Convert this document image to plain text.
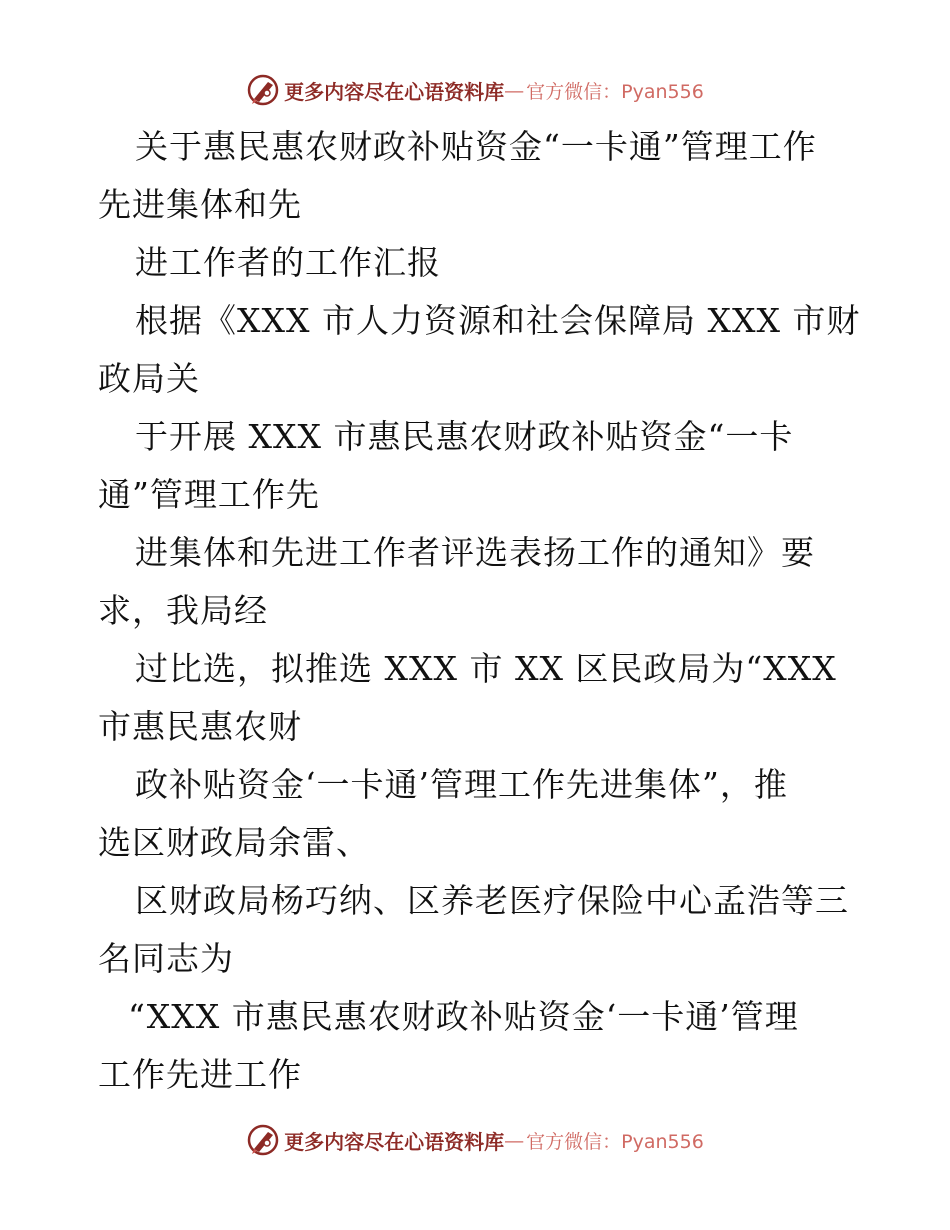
更多内容尽在心语资料库 — 官方微信：Pyan556
关于惠民惠农财政补贴资金“一卡通”管理工作
先进集体和先
进工作者的工作汇报
根据《XXX 市人力资源和社会保障局 XXX 市财
政局关
于开展 XXX 市惠民惠农财政补贴资金“一卡
通”管理工作先
进集体和先进工作者评选表扬工作的通知》要
求，我局经
过比选，拟推选 XXX 市 XX 区民政局为“XXX
市惠民惠农财
政补贴资金‘一卡通’管理工作先进集体”，推
选区财政局余雷、
区财政局杨巧纳、区养老医疗保险中心孟浩等三
名同志为
“XXX 市惠民惠农财政补贴资金‘一卡通’管理
工作先进工作
更多内容尽在心语资料库 — 官方微信：Pyan556
